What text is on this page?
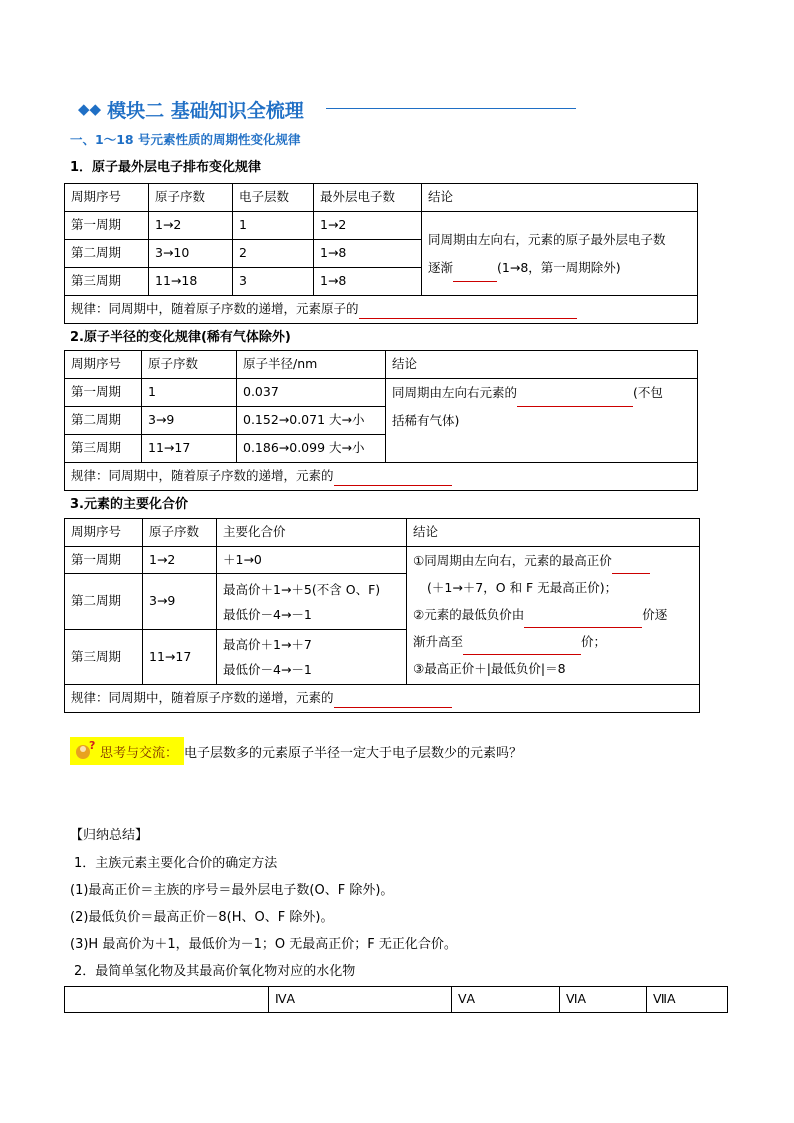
◆◆ 模块二 基础知识全梳理
一、1～18 号元素性质的周期性变化规律
1．原子最外层电子排布变化规律
周期序号	原子序数	电子层数	最外层电子数	结论
第一周期	1→2	1	1→2	同周期由左向右，元素的原子最外层电子数
逐渐 (1→8，第一周期除外)

第二周期	3→10	2	1→8	
第三周期	11→18	3	1→8	
规律：同周期中，随着原子序数的递增，元素原子的				
2.原子半径的变化规律(稀有气体除外)
周期序号	原子序数	原子半径/nm	结论
第一周期	1	0.037	同周期由左向右元素的 (不包
括稀有气体)

第二周期	3→9	0.152→0.071 大→小	
第三周期	11→17	0.186→0.099 大→小	
规律：同周期中，随着原子序数的递增，元素的			
3.元素的主要化合价
周期序号	原子序数	主要化合价	结论
第一周期	1→2	＋1→0	①同周期由左向右，元素的最高正价
(＋1→＋7，O 和 F 无最高正价)；
②元素的最低负价由 价逐
渐升高至 价；
③最高正价＋|最低负价|＝8

第二周期	3→9	最高价＋1→＋5(不含 O、F)
最低价－4→－1	

第三周期	11→17	最高价＋1→＋7
最低价－4→－1	

规律：同周期中，随着原子序数的递增，元素的			
? 思考与交流： 电子层数多的元素原子半径一定大于电子层数少的元素吗？
【归纳总结】
1．主族元素主要化合价的确定方法
(1)最高正价＝主族的序号＝最外层电子数(O、F 除外)。
(2)最低负价＝最高正价－8(H、O、F 除外)。
(3)H 最高价为＋1，最低价为－1；O 无最高正价；F 无正化合价。
2．最简单氢化物及其最高价氧化物对应的水化物
	ⅣA	ⅤA	ⅥA	ⅦA
